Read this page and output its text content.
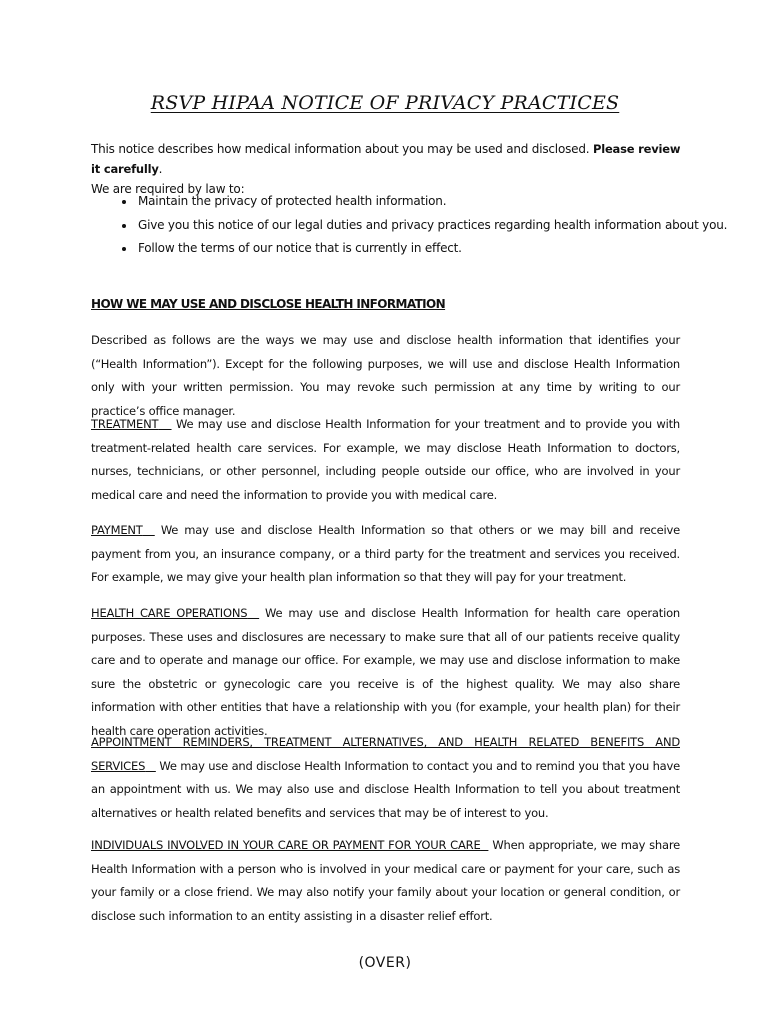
RSVP HIPAA NOTICE OF PRIVACY PRACTICES
This notice describes how medical information about you may be used and disclosed. Please review it carefully.
We are required by law to:
• Maintain the privacy of protected health information.
• Give you this notice of our legal duties and privacy practices regarding health information about you.
• Follow the terms of our notice that is currently in effect.
HOW WE MAY USE AND DISCLOSE HEALTH INFORMATION
Described as follows are the ways we may use and disclose health information that identifies your (“Health Information”). Except for the following purposes, we will use and disclose Health Information only with your written permission. You may revoke such permission at any time by writing to our practice’s office manager.
TREATMENT We may use and disclose Health Information for your treatment and to provide you with treatment-related health care services. For example, we may disclose Heath Information to doctors, nurses, technicians, or other personnel, including people outside our office, who are involved in your medical care and need the information to provide you with medical care.
PAYMENT We may use and disclose Health Information so that others or we may bill and receive payment from you, an insurance company, or a third party for the treatment and services you received. For example, we may give your health plan information so that they will pay for your treatment.
HEALTH CARE OPERATIONS We may use and disclose Health Information for health care operation purposes. These uses and disclosures are necessary to make sure that all of our patients receive quality care and to operate and manage our office. For example, we may use and disclose information to make sure the obstetric or gynecologic care you receive is of the highest quality. We may also share information with other entities that have a relationship with you (for example, your health plan) for their health care operation activities.
APPOINTMENT REMINDERS, TREATMENT ALTERNATIVES, AND HEALTH RELATED BENEFITS AND SERVICES We may use and disclose Health Information to contact you and to remind you that you have an appointment with us. We may also use and disclose Health Information to tell you about treatment alternatives or health related benefits and services that may be of interest to you.
INDIVIDUALS INVOLVED IN YOUR CARE OR PAYMENT FOR YOUR CARE When appropriate, we may share Health Information with a person who is involved in your medical care or payment for your care, such as your family or a close friend. We may also notify your family about your location or general condition, or disclose such information to an entity assisting in a disaster relief effort.
(OVER)
